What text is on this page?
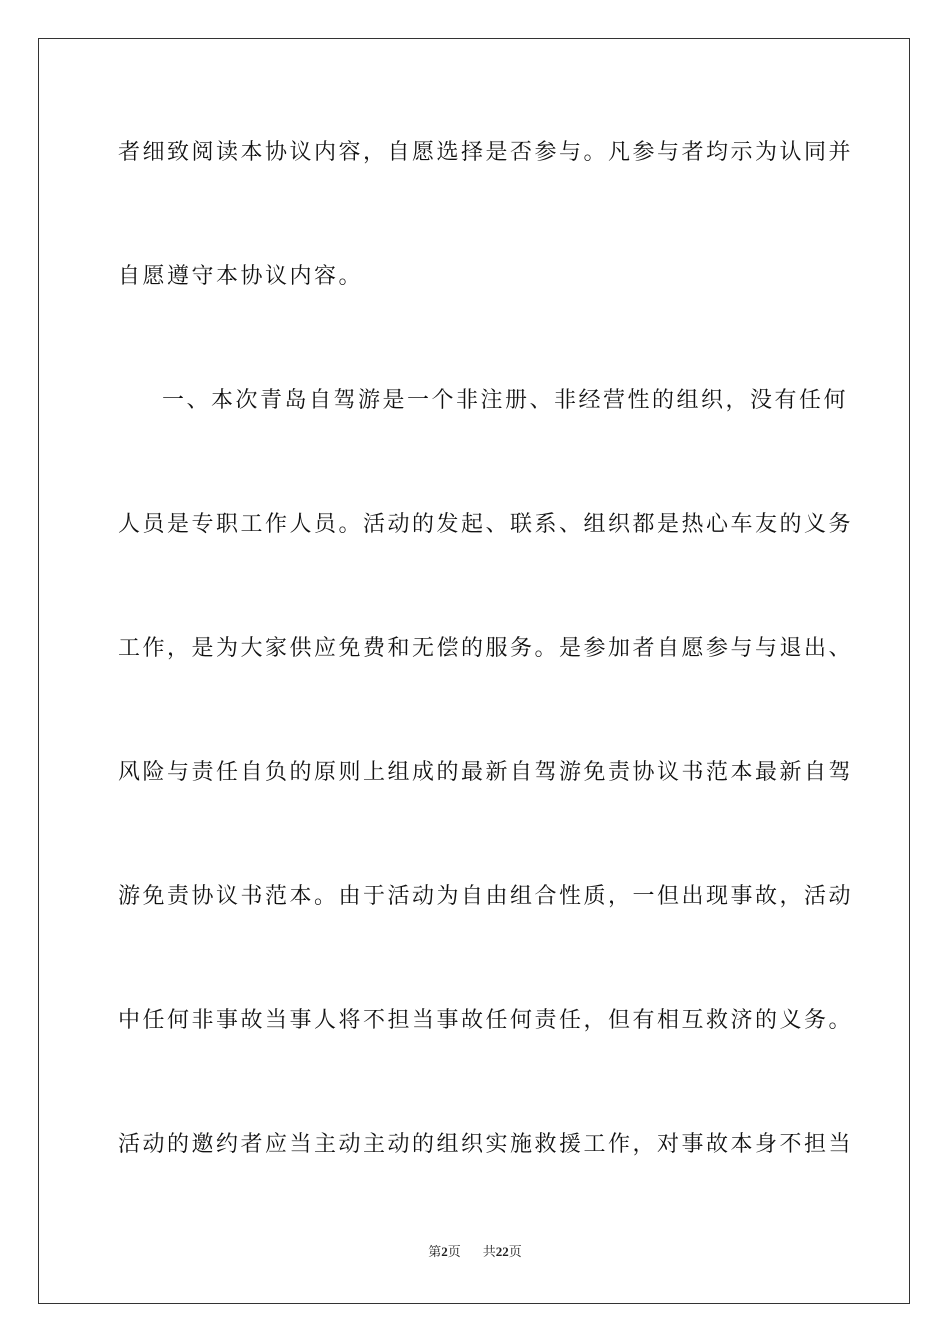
者细致阅读本协议内容，自愿选择是否参与。凡参与者均示为认同并
自愿遵守本协议内容。
一、本次青岛自驾游是一个非注册、非经营性的组织，没有任何
人员是专职工作人员。活动的发起、联系、组织都是热心车友的义务
工作，是为大家供应免费和无偿的服务。是参加者自愿参与与退出、
风险与责任自负的原则上组成的最新自驾游免责协议书范本最新自驾
游免责协议书范本。由于活动为自由组合性质，一但出现事故，活动
中任何非事故当事人将不担当事故任何责任，但有相互救济的义务。
活动的邀约者应当主动主动的组织实施救援工作，对事故本身不担当
第2页 共22页
